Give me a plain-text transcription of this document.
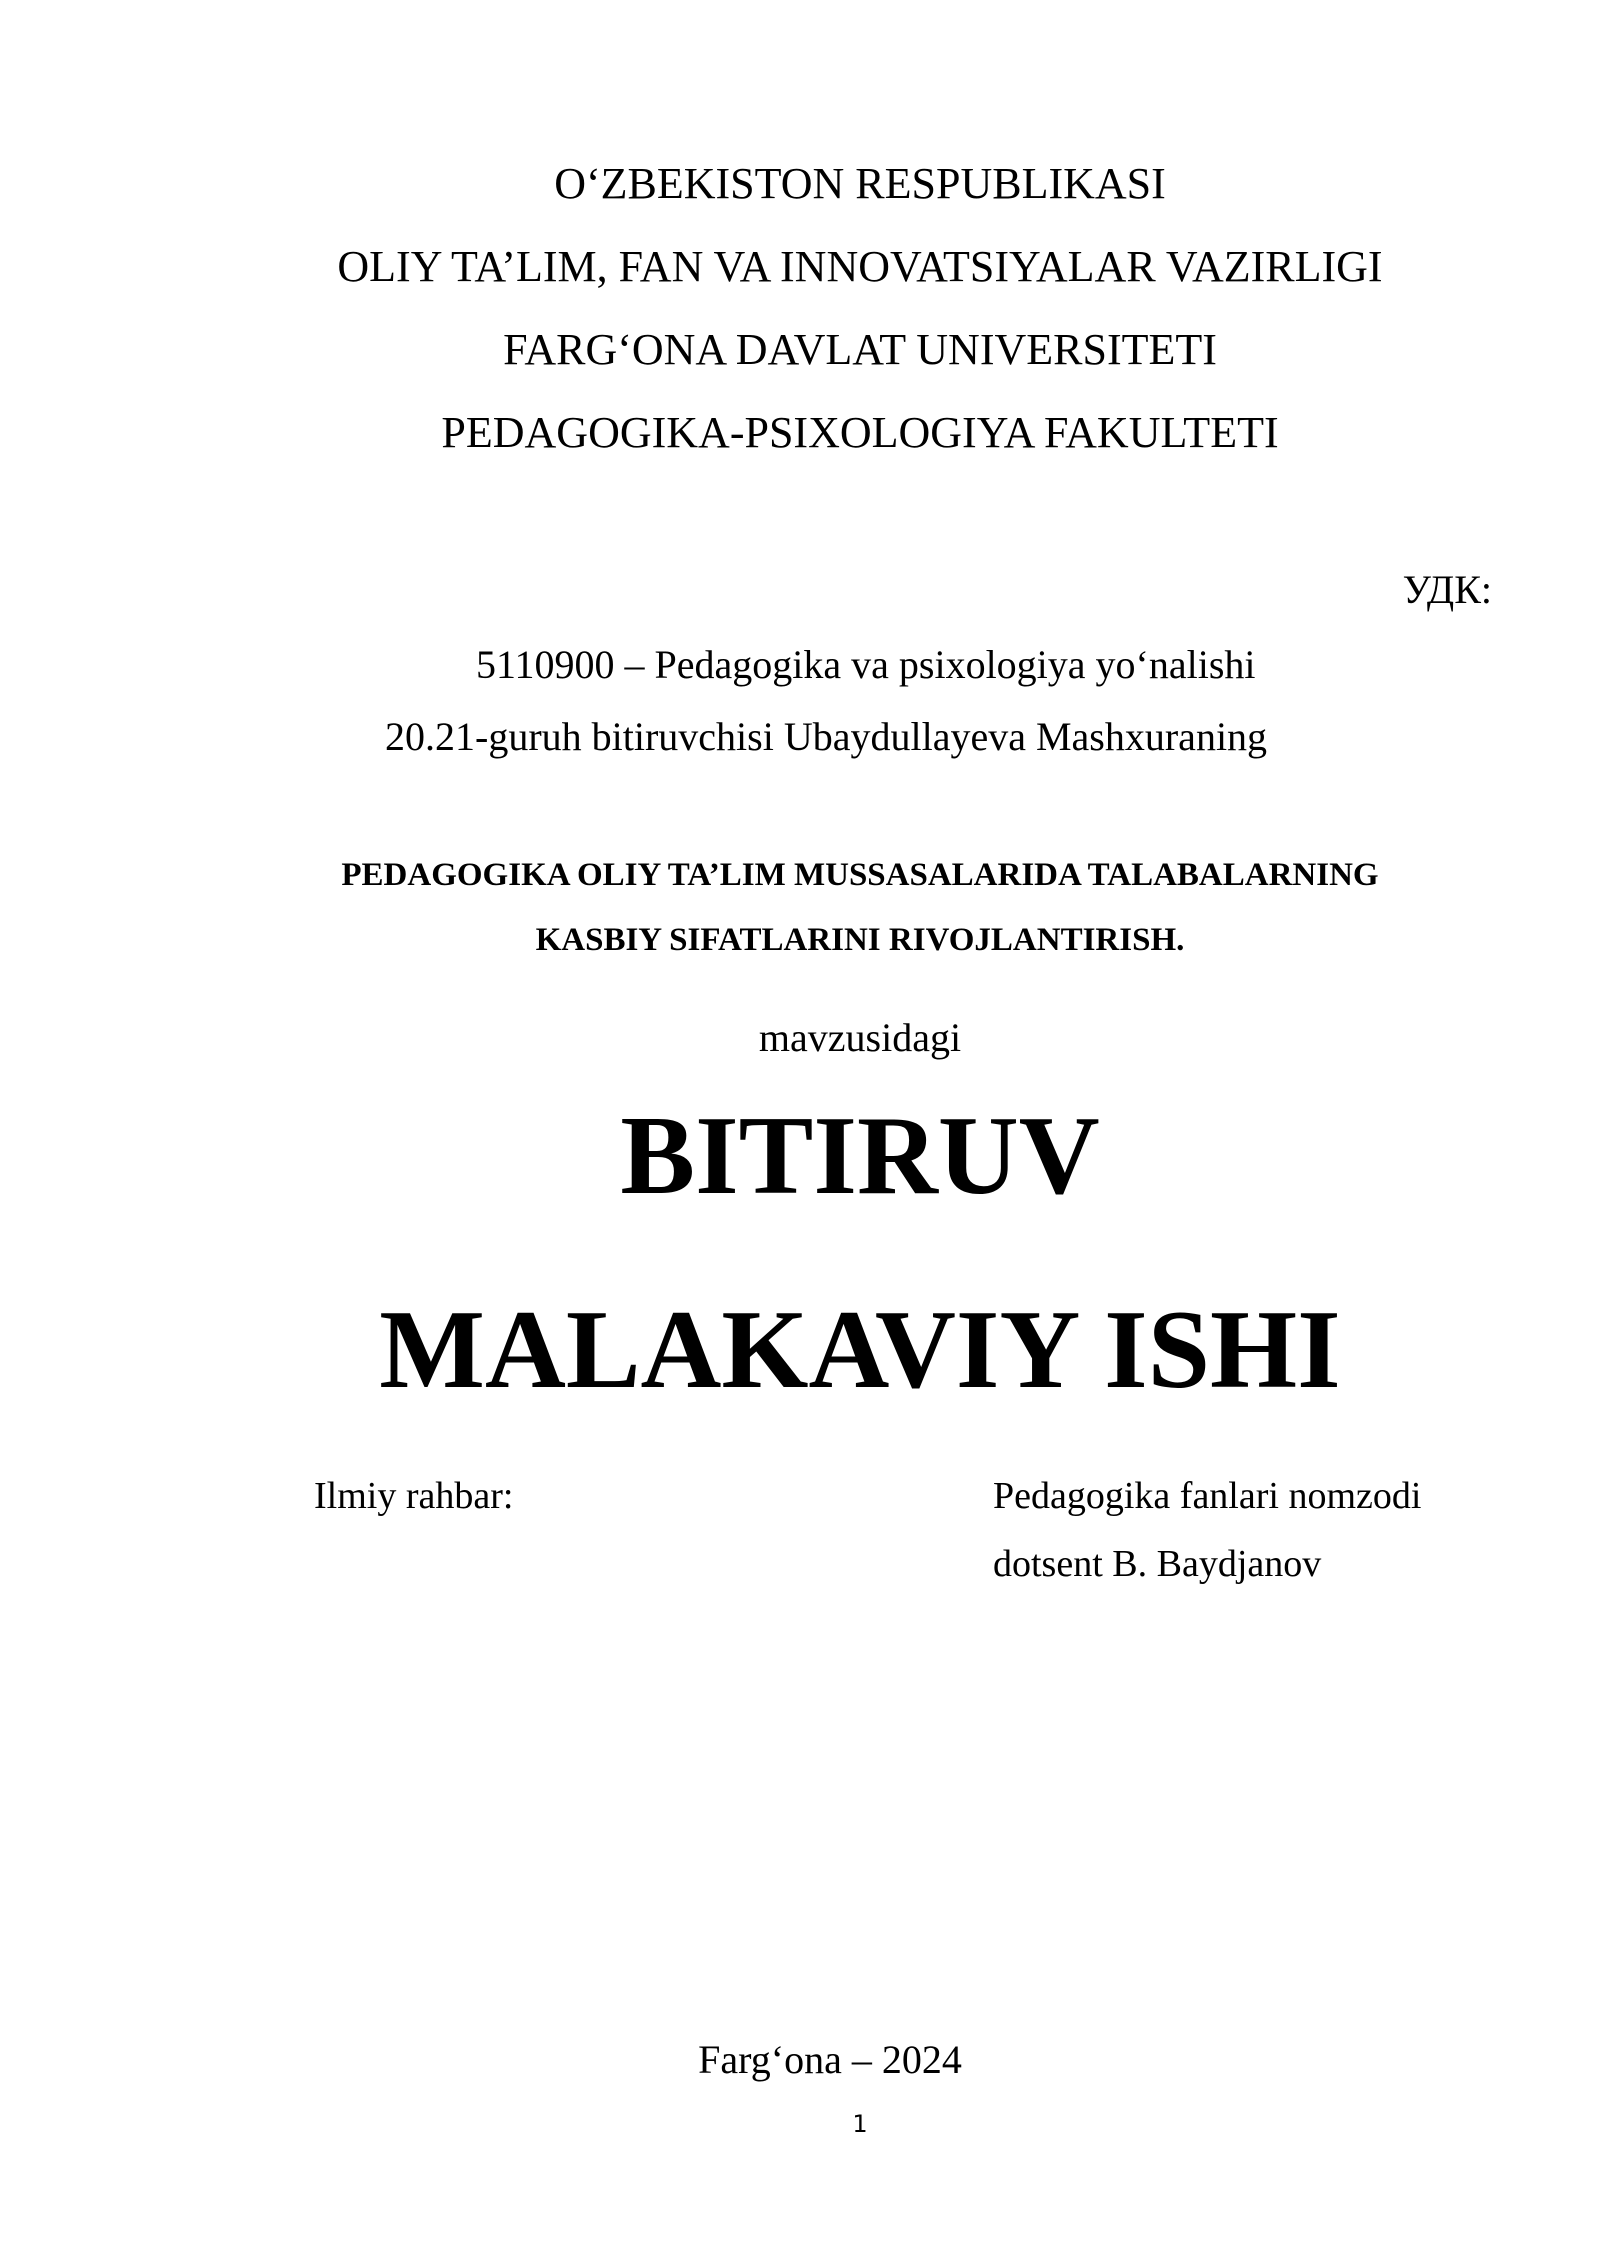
O‘ZBEKISTON RESPUBLIKASI
OLIY TA’LIM, FAN VA INNOVATSIYALAR VAZIRLIGI
FARG‘ONA DAVLAT UNIVERSITETI
PEDAGOGIKA-PSIXOLOGIYA FAKULTETI
УДК:
5110900 – Pedagogika va psixologiya yo‘nalishi
20.21-guruh bitiruvchisi Ubaydullayeva Mashxuraning
PEDAGOGIKA OLIY TA’LIM MUSSASALARIDA TALABALARNING
KASBIY SIFATLARINI RIVOJLANTIRISH.
mavzusidagi
BITIRUV
MALAKAVIY ISHI
Ilmiy rahbar:	Pedagogika fanlari nomzodi
dotsent B. Baydjanov
Farg‘ona – 2024
1
